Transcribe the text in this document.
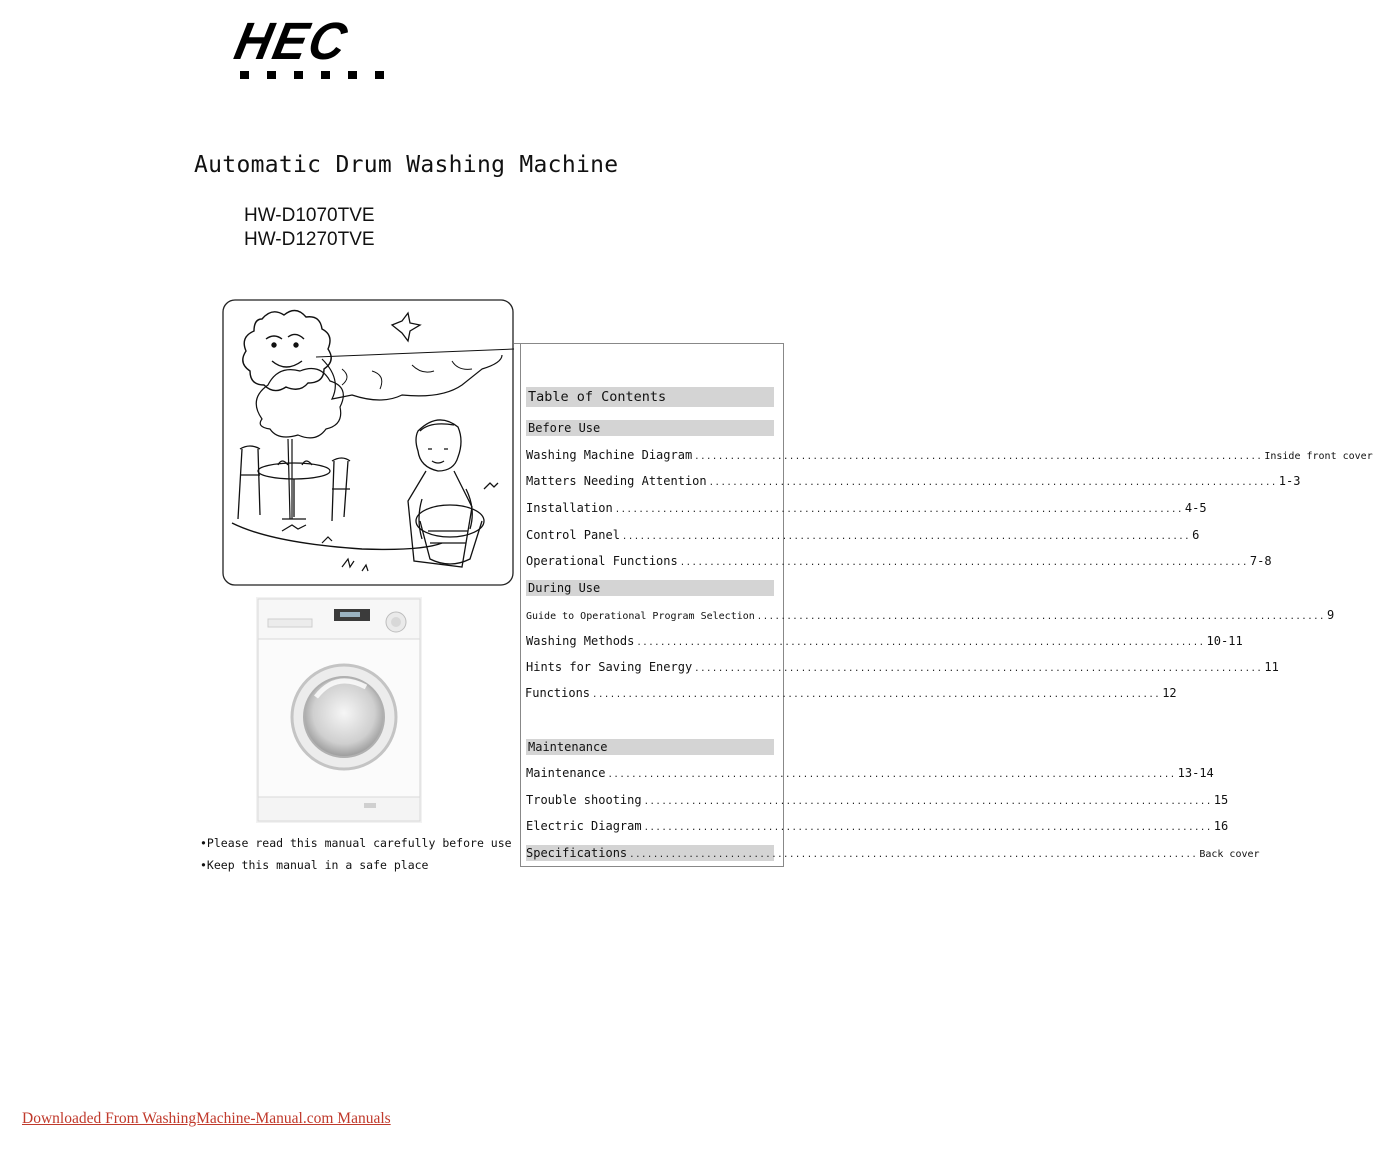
HEC
Automatic Drum Washing Machine
HW-D1070TVE
HW-D1270TVE
•Please read this manual carefully before use
•Keep this manual in a safe place
Table of Contents
Before Use
Washing Machine Diagram .....	Inside front cover
Matters Needing Attention .....	1-3
Installation .....	4-5
Control Panel .....	6
Operational Functions .....	7-8
During Use
Guide to Operational Program Selection .....	9
Washing Methods .....	10-11
Hints for Saving Energy .....	11
Functions .....	12
Maintenance
Maintenance .....	13-14
Trouble shooting .....	15
Electric Diagram .....	16
Specifications .....	Back cover
Downloaded From WashingMachine-Manual.com Manuals
